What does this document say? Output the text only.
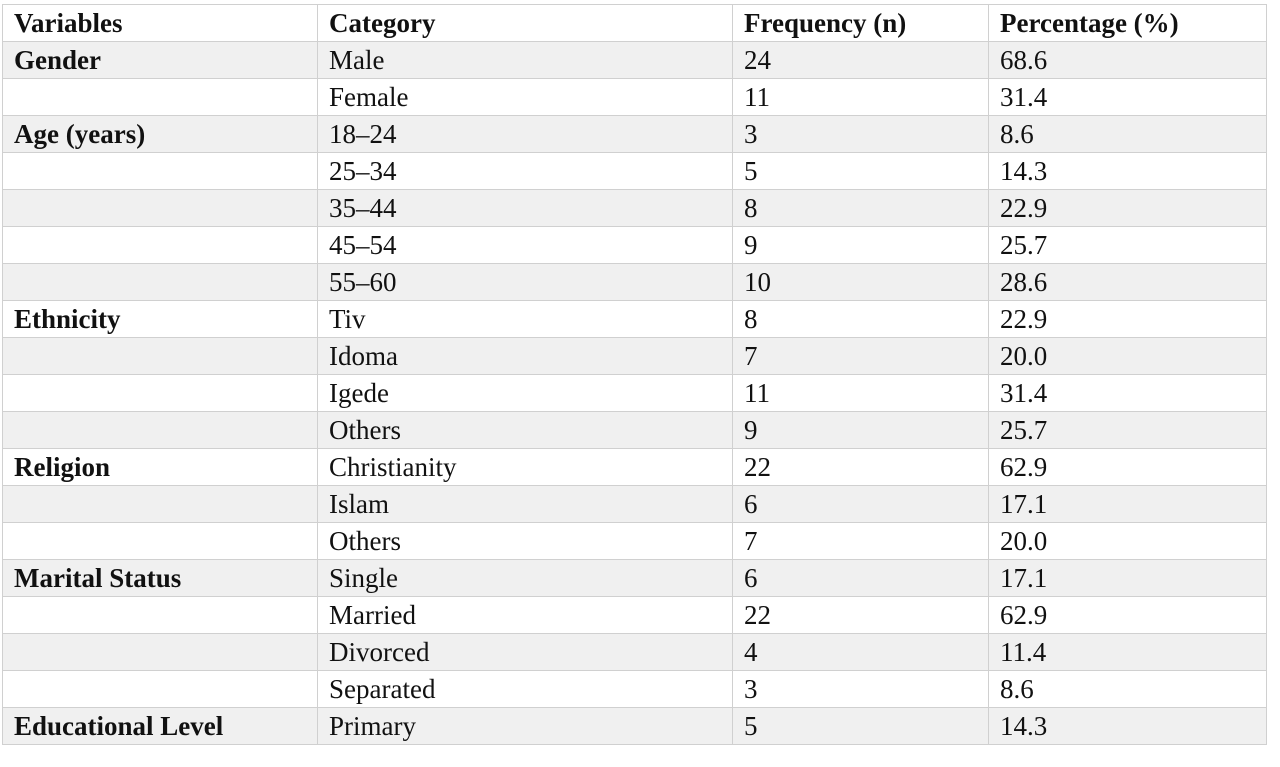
Variables	Category	Frequency (n)	Percentage (%)
Gender	Male	24	68.6
	Female	11	31.4
Age (years)	18–24	3	8.6
	25–34	5	14.3
	35–44	8	22.9
	45–54	9	25.7
	55–60	10	28.6
Ethnicity	Tiv	8	22.9
	Idoma	7	20.0
	Igede	11	31.4
	Others	9	25.7
Religion	Christianity	22	62.9
	Islam	6	17.1
	Others	7	20.0
Marital Status	Single	6	17.1
	Married	22	62.9
	Divorced	4	11.4
	Separated	3	8.6
Educational Level	Primary	5	14.3
